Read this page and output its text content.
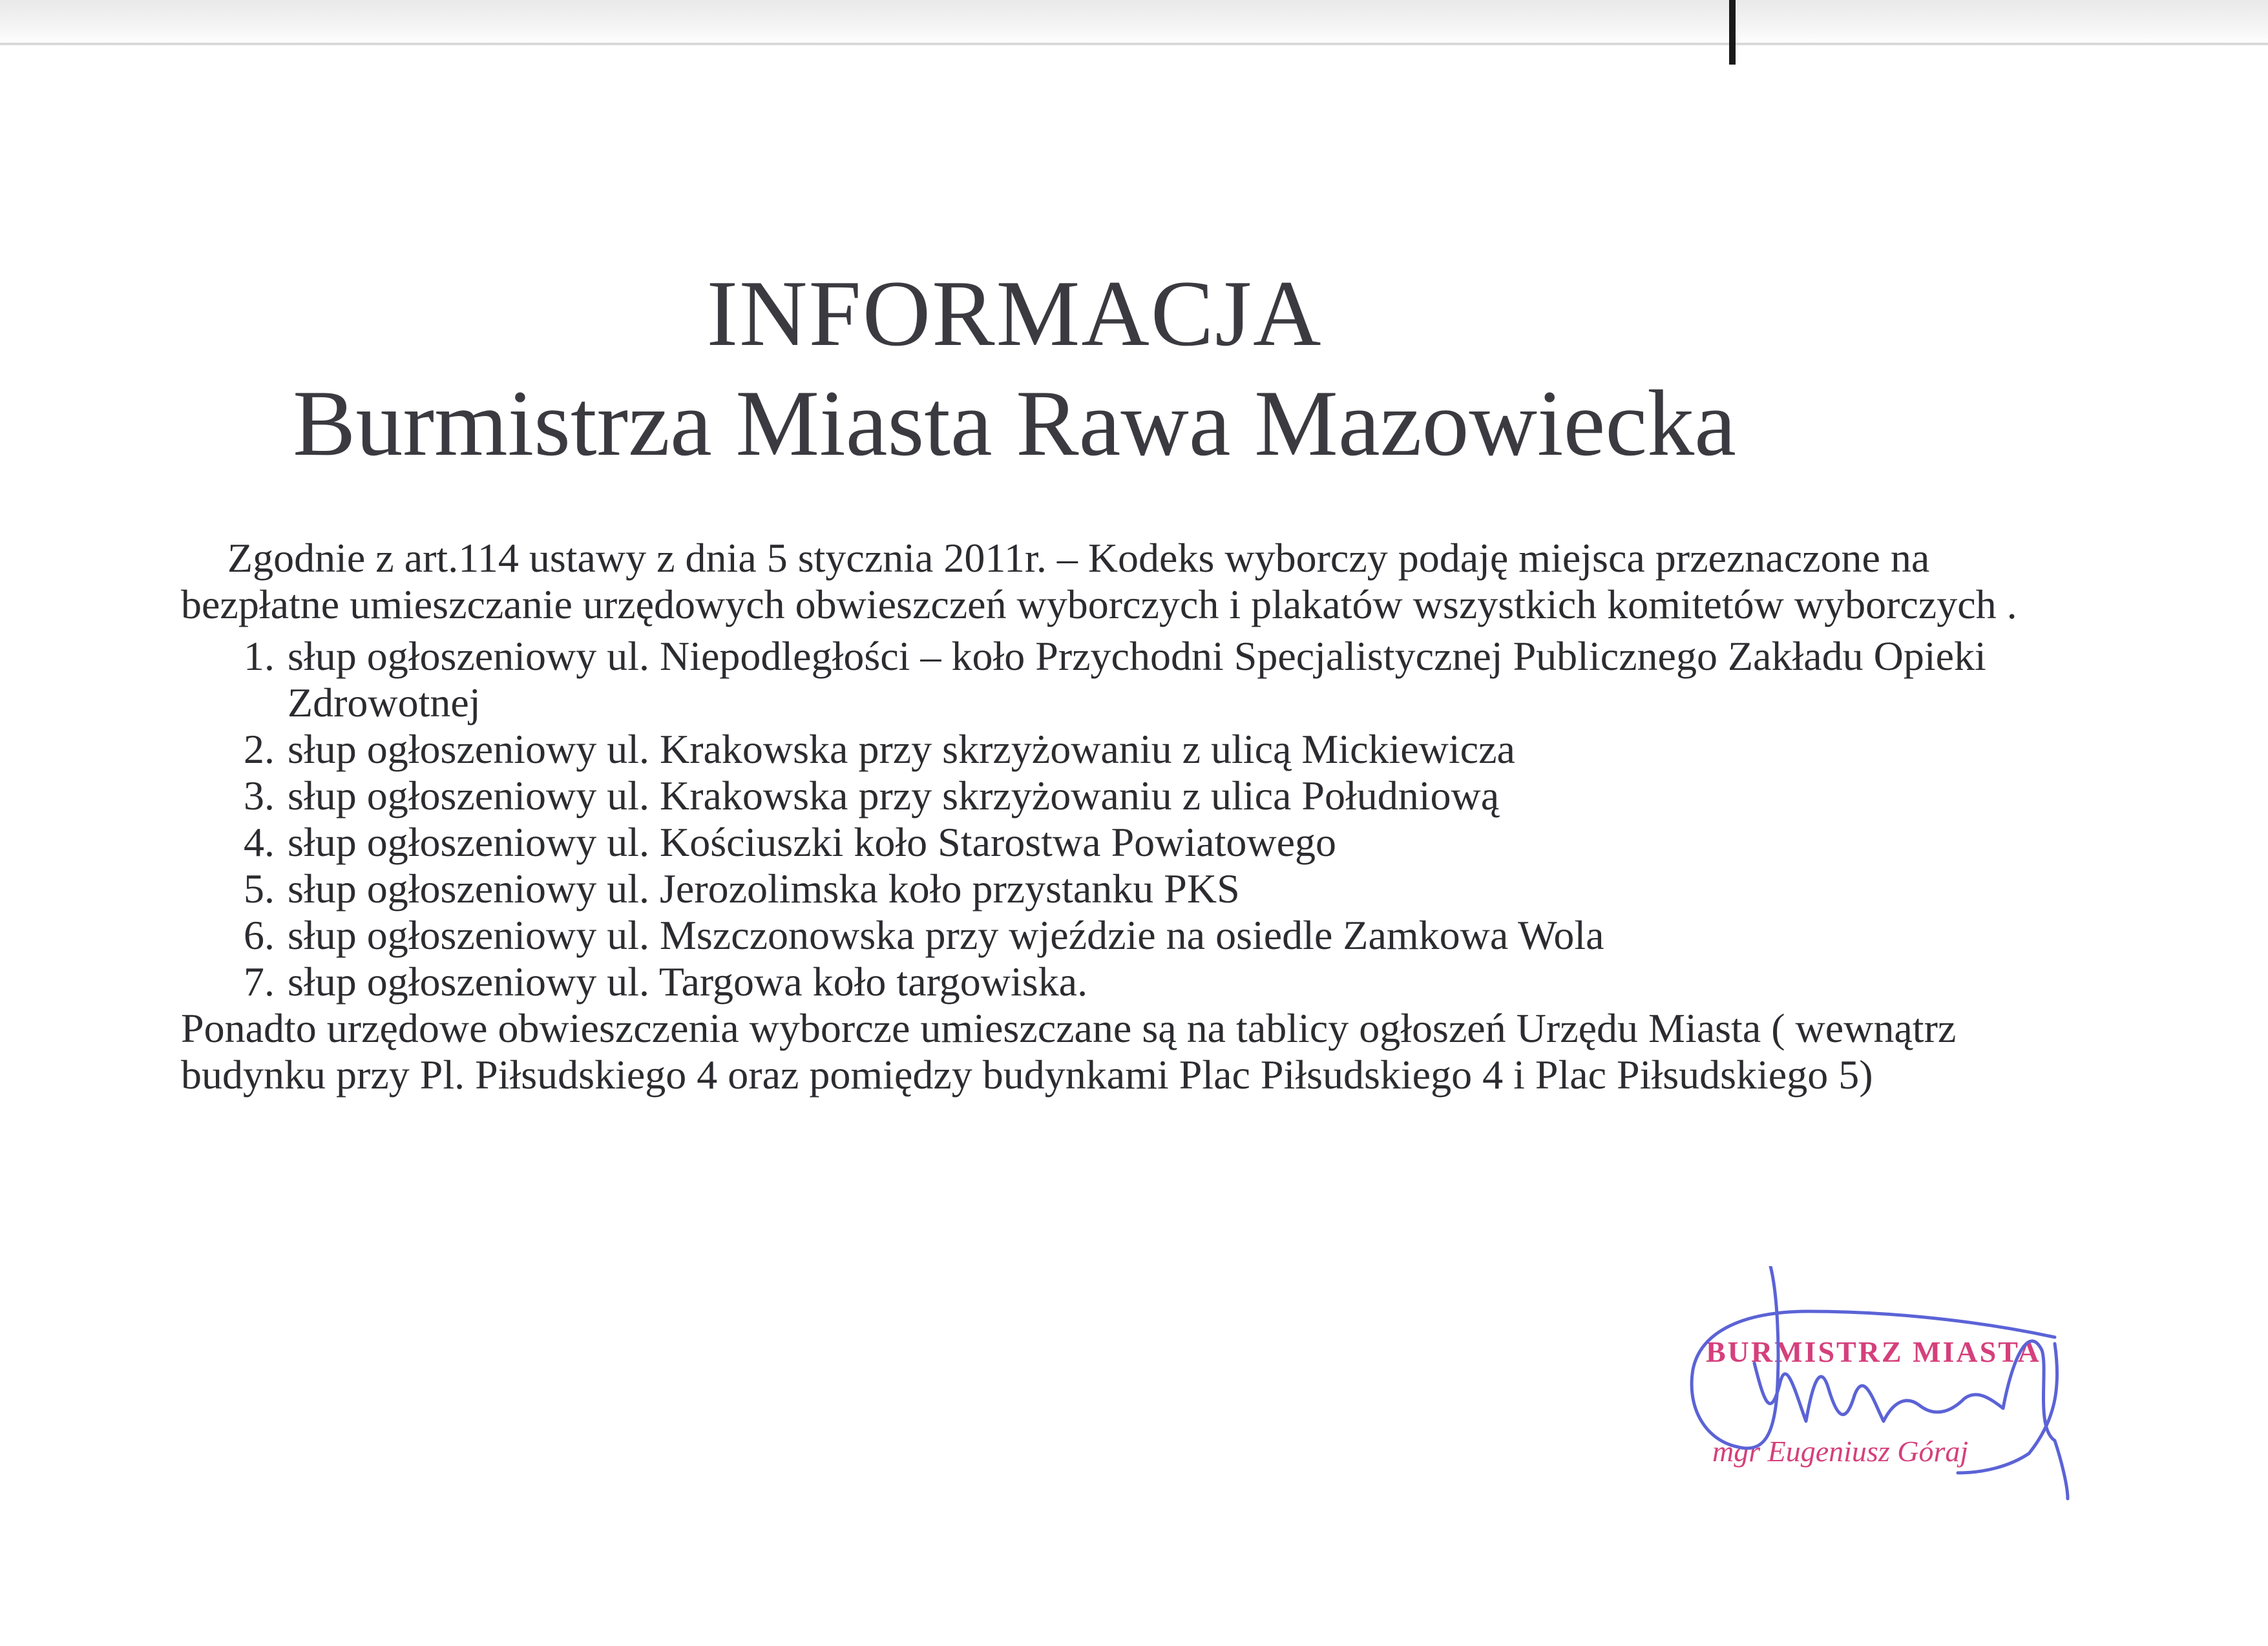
INFORMACJA
Burmistrza Miasta Rawa Mazowiecka

Zgodnie z art.114 ustawy z dnia 5 stycznia 2011r. – Kodeks wyborczy podaję miejsca przeznaczone na bezpłatne umieszczanie urzędowych obwieszczeń wyborczych i plakatów wszystkich komitetów wyborczych .

1. słup ogłoszeniowy ul. Niepodległości – koło Przychodni Specjalistycznej Publicznego Zakładu Opieki Zdrowotnej
2. słup ogłoszeniowy ul. Krakowska przy skrzyżowaniu z ulicą Mickiewicza
3. słup ogłoszeniowy ul. Krakowska przy skrzyżowaniu z ulica Południową
4. słup ogłoszeniowy ul. Kościuszki koło Starostwa Powiatowego
5. słup ogłoszeniowy ul. Jerozolimska koło przystanku PKS
6. słup ogłoszeniowy ul. Mszczonowska przy wjeździe na osiedle Zamkowa Wola
7. słup ogłoszeniowy ul. Targowa koło targowiska.

Ponadto urzędowe obwieszczenia wyborcze umieszczane są na tablicy ogłoszeń Urzędu Miasta ( wewnątrz budynku przy Pl. Piłsudskiego 4 oraz pomiędzy budynkami Plac Piłsudskiego 4 i Plac Piłsudskiego 5)

BURMISTRZ MIASTA
mgr Eugeniusz Góraj
